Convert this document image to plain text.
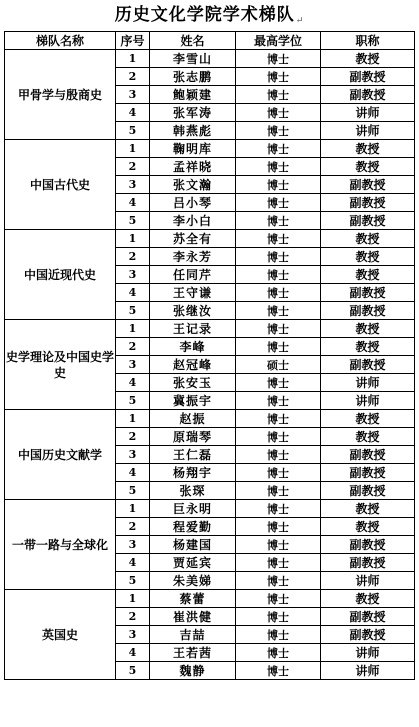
历史文化学院学术梯队↵
梯队名称	序号	姓名	最高学位	职称
甲骨学与殷商史	1	李雪山	博士	教授
	2	张志鹏	博士	副教授
	3	鲍颖建	博士	副教授
	4	张军涛	博士	讲师
	5	韩燕彪	博士	讲师
中国古代史	1	鞠明库	博士	教授
	2	孟祥晓	博士	教授
	3	张文瀚	博士	副教授
	4	吕小琴	博士	副教授
	5	李小白	博士	副教授
中国近现代史	1	苏全有	博士	教授
	2	李永芳	博士	教授
	3	任同芹	博士	教授
	4	王守谦	博士	副教授
	5	张继汝	博士	副教授
史学理论及中国史学史	1	王记录	博士	教授
	2	李峰	博士	教授
	3	赵冠峰	硕士	副教授
	4	张安玉	博士	讲师
	5	冀振宇	博士	讲师
中国历史文献学	1	赵振	博士	教授
	2	原瑞琴	博士	教授
	3	王仁磊	博士	副教授
	4	杨翔宇	博士	副教授
	5	张琛	博士	副教授
一带一路与全球化	1	巨永明	博士	教授
	2	程爱勤	博士	教授
	3	杨建国	博士	副教授
	4	贾延宾	博士	副教授
	5	朱美娣	博士	讲师
英国史	1	蔡蕾	博士	教授
	2	崔洪健	博士	副教授
	3	吉喆	博士	副教授
	4	王若茜	博士	讲师
	5	魏静	博士	讲师
